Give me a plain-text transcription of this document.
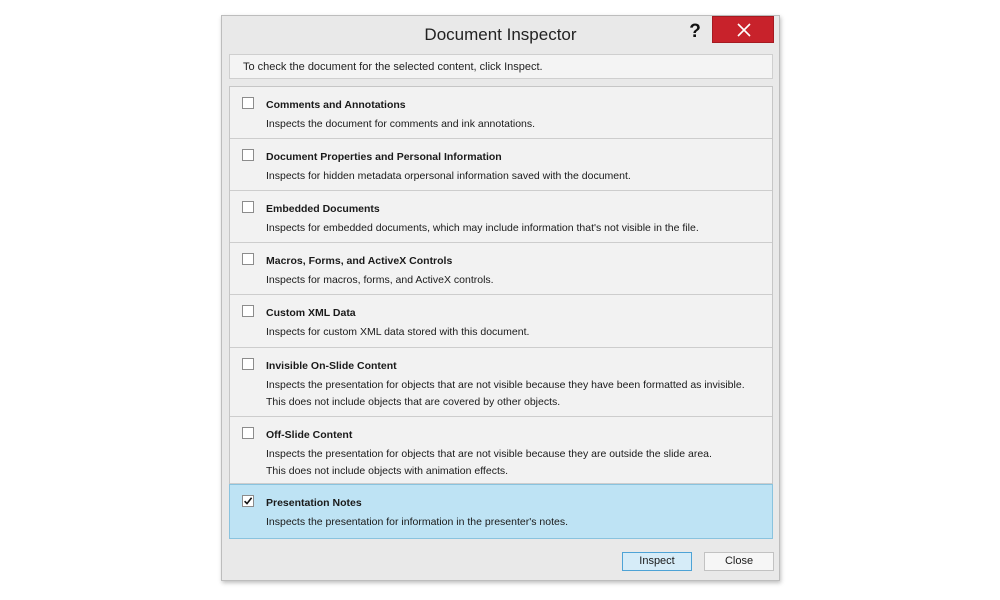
Document Inspector	?
To check the document for the selected content, click Inspect.
Comments and Annotations
Inspects the document for comments and ink annotations.
Document Properties and Personal Information
Inspects for hidden metadata orpersonal information saved with the document.
Embedded Documents
Inspects for embedded documents, which may include information that's not visible in the file.
Macros, Forms, and ActiveX Controls
Inspects for macros, forms, and ActiveX controls.
Custom XML Data
Inspects for custom XML data stored with this document.
Invisible On-Slide Content
Inspects the presentation for objects that are not visible because they have been formatted as invisible.
This does not include objects that are covered by other objects.
Off-Slide Content
Inspects the presentation for objects that are not visible because they are outside the slide area.
This does not include objects with animation effects.
Presentation Notes
Inspects the presentation for information in the presenter's notes.
Inspect	Close
